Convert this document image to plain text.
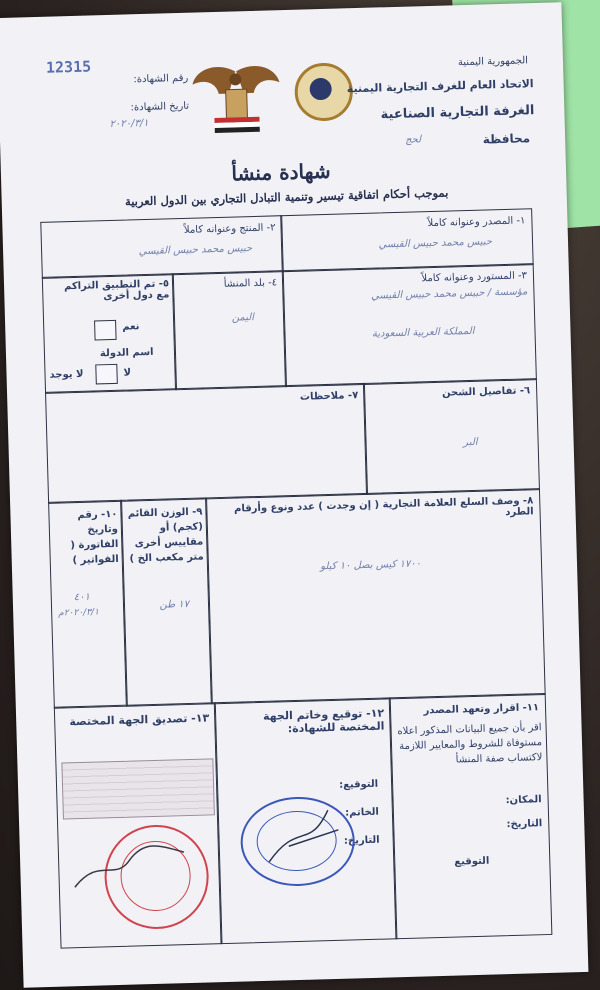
12315
رقم الشهادة:
تاريخ الشهادة:
٢٠٢٠/٣/١
الجمهورية اليمنية
الاتحاد العام للغرف التجارية اليمنية
الغرفة التجارية الصناعية
محافظة
لحج
شهادة منشأ
بموجب أحكام اتفاقية تيسير وتنمية التبادل التجاري بين الدول العربية
٢- المنتج وعنوانه كاملاً
حبيس محمد حبيس القيسي
١- المصدر وعنوانه كاملاً
حبيس محمد حبيس القيسي
٥- تم التطبيق التراكم مع دول أخرى
نعم
اسم الدولة
لا
لا يوجد
٤- بلد المنشأ
اليمن
٣- المستورد وعنوانه كاملاً
مؤسسة / حبيس محمد حبيس القيسي
المملكة العربية السعودية
٧- ملاحظات	٦- تفاصيل الشحن
البر
١٠- رقم وتاريخ الفاتورة ( الفواتير )
٤٠١
٢٠٢٠/٣/١م
٩- الوزن القائم (كجم) أو مقاييس أخرى متر مكعب الخ )
١٧ طن
٨- وصف السلع العلامة التجارية ( إن وجدت ) عدد ونوع وأرقام الطرد
١٧٠٠ كيس بصل ١٠ كيلو
١٣- تصديق الجهة المختصة	١٢- توقيع وخاتم الجهة المختصة للشهادة:
التوقيع:
الخاتم:
التاريخ:
١١- اقرار وتعهد المصدر
اقر بأن جميع البيانات المذكور اعلاه مستوفاة للشروط والمعايير اللازمة لاكتساب صفة المنشأ
المكان:
التاريخ:
التوقيع
